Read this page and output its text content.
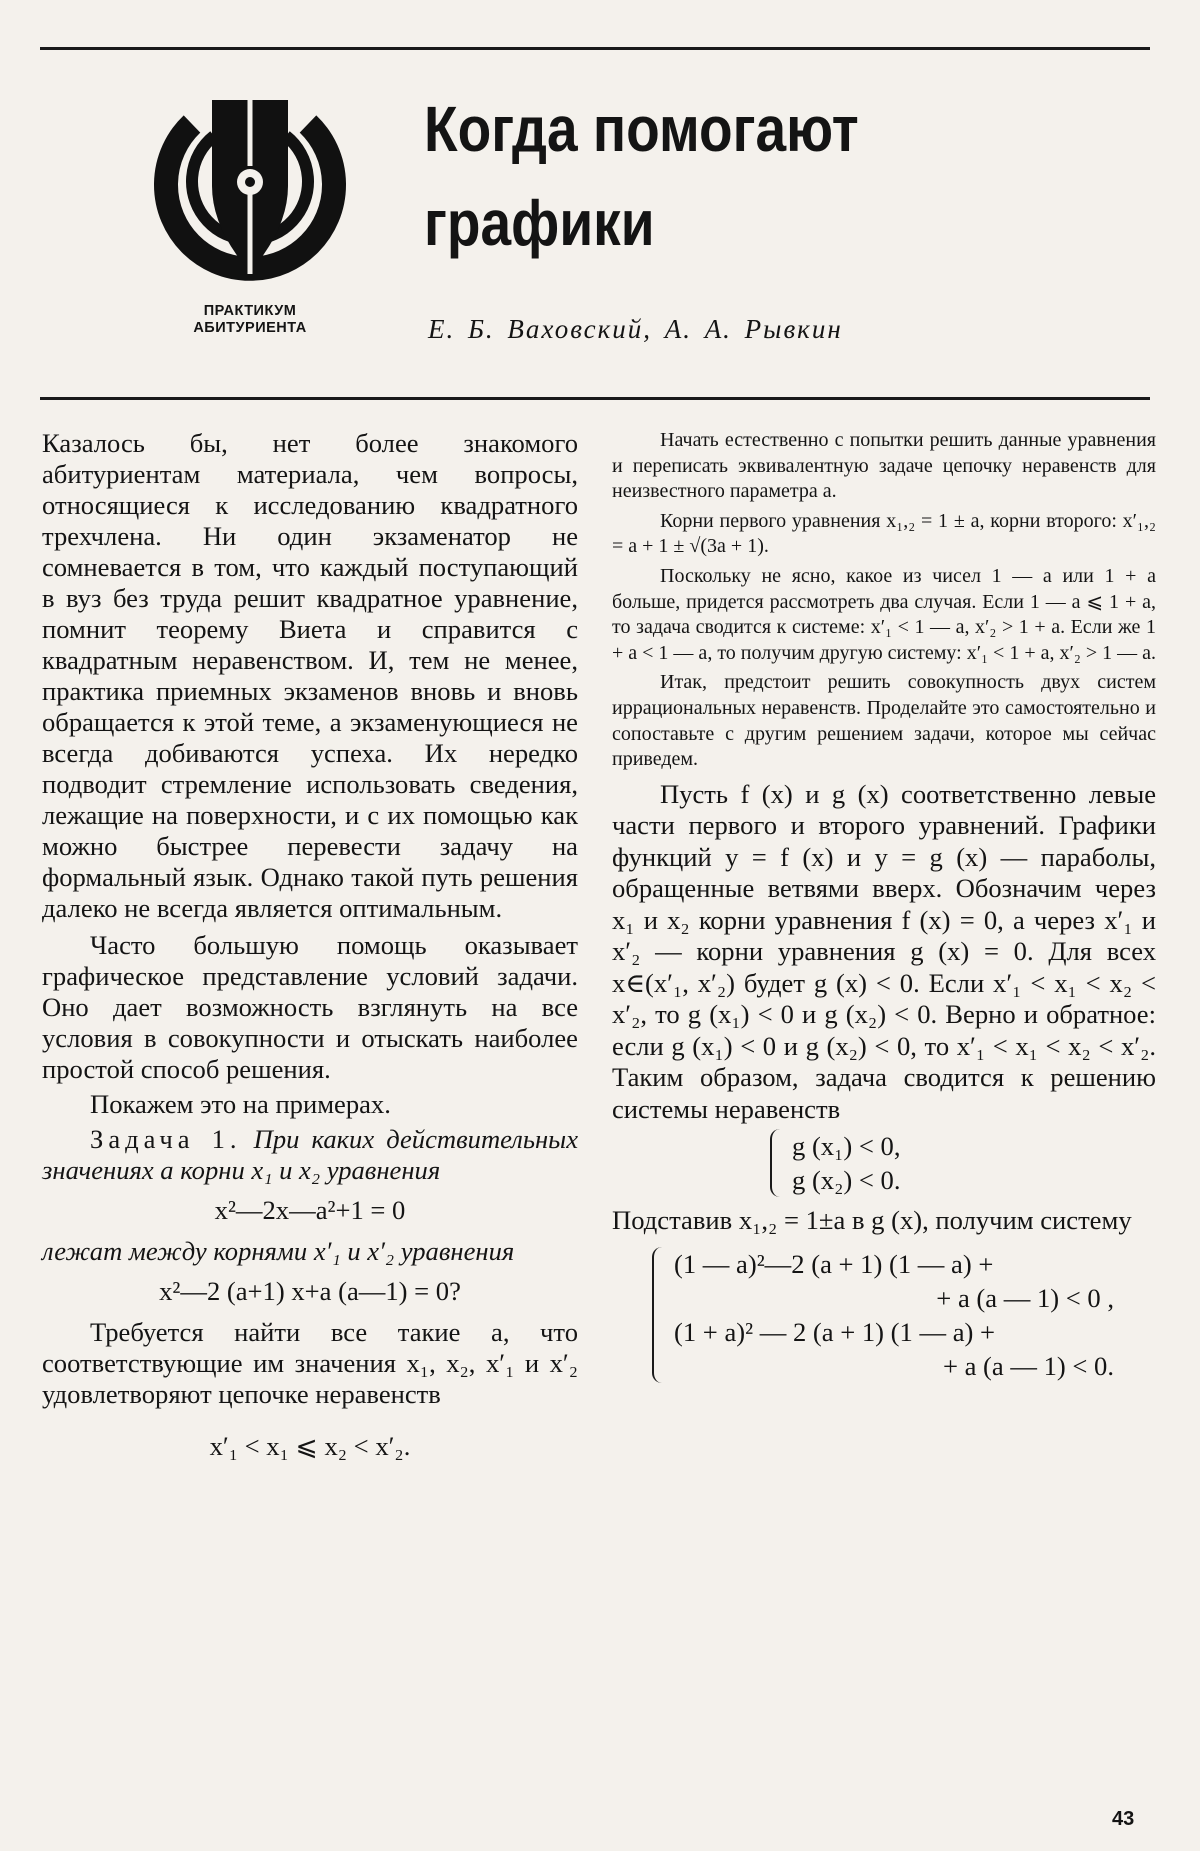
ПРАКТИКУМ
АБИТУРИЕНТА
Когда помогают
графики

Е. Б. Ваховский, А. А. Рывкин

Казалось бы, нет более знакомого абитуриентам материала, чем вопросы, относящиеся к исследованию квадратного трехчлена. Ни один экзаменатор не сомневается в том, что каждый поступающий в вуз без труда решит квадратное уравнение, помнит теорему Виета и справится с квадратным неравенством. И, тем не менее, практика приемных экзаменов вновь и вновь обращается к этой теме, а экзаменующиеся не всегда добиваются успеха. Их нередко подводит стремление использовать сведения, лежащие на поверхности, и с их помощью как можно быстрее перевести задачу на формальный язык. Однако такой путь решения далеко не всегда является оптимальным.

Часто большую помощь оказывает графическое представление условий задачи. Оно дает возможность взглянуть на все условия в совокупности и отыскать наиболее простой способ решения.

Покажем это на примерах.

Задача 1. При каких действительных значениях a корни x₁ и x₂ уравнения

x²—2x—a²+1 = 0

лежат между корнями x′₁ и x′₂ уравнения

x²—2 (a+1) x+a (a—1) = 0?

Требуется найти все такие a, что соответствующие им значения x₁, x₂, x′₁ и x′₂ удовлетворяют цепочке неравенств

x′₁ < x₁ ⩽ x₂ < x′₂.

Начать естественно с попытки решить данные уравнения и переписать эквивалентную задаче цепочку неравенств для неизвестного параметра a.

Корни первого уравнения x₁,₂ = 1 ± a, корни второго: x′₁,₂ = a + 1 ± √(3a + 1).

Поскольку не ясно, какое из чисел 1 — a или 1 + a больше, придется рассмотреть два случая. Если 1 — a ⩽ 1 + a, то задача сводится к системе: x′₁ < 1 — a, x′₂ > 1 + a. Если же 1 + a < 1 — a, то получим другую систему: x′₁ < 1 + a, x′₂ > 1 — a.

Итак, предстоит решить совокупность двух систем иррациональных неравенств. Проделайте это самостоятельно и сопоставьте с другим решением задачи, которое мы сейчас приведем.

Пусть f (x) и g (x) соответственно левые части первого и второго уравнений. Графики функций y = f (x) и y = g (x) — параболы, обращенные ветвями вверх. Обозначим через x₁ и x₂ корни уравнения f (x) = 0, а через x′₁ и x′₂ — корни уравнения g (x) = 0. Для всех x∈(x′₁, x′₂) будет g (x) < 0. Если x′₁ < x₁ < x₂ < x′₂, то g (x₁) < 0 и g (x₂) < 0. Верно и обратное: если g (x₁) < 0 и g (x₂) < 0, то x′₁ < x₁ < x₂ < x′₂. Таким образом, задача сводится к решению системы неравенств

g (x₁) < 0,
g (x₂) < 0.

Подставив x₁,₂ = 1±a в g (x), получим систему

(1 — a)²—2 (a + 1) (1 — a) +
+ a (a — 1) < 0 ,
(1 + a)² — 2 (a + 1) (1 — a) +
+ a (a — 1) < 0.
43
